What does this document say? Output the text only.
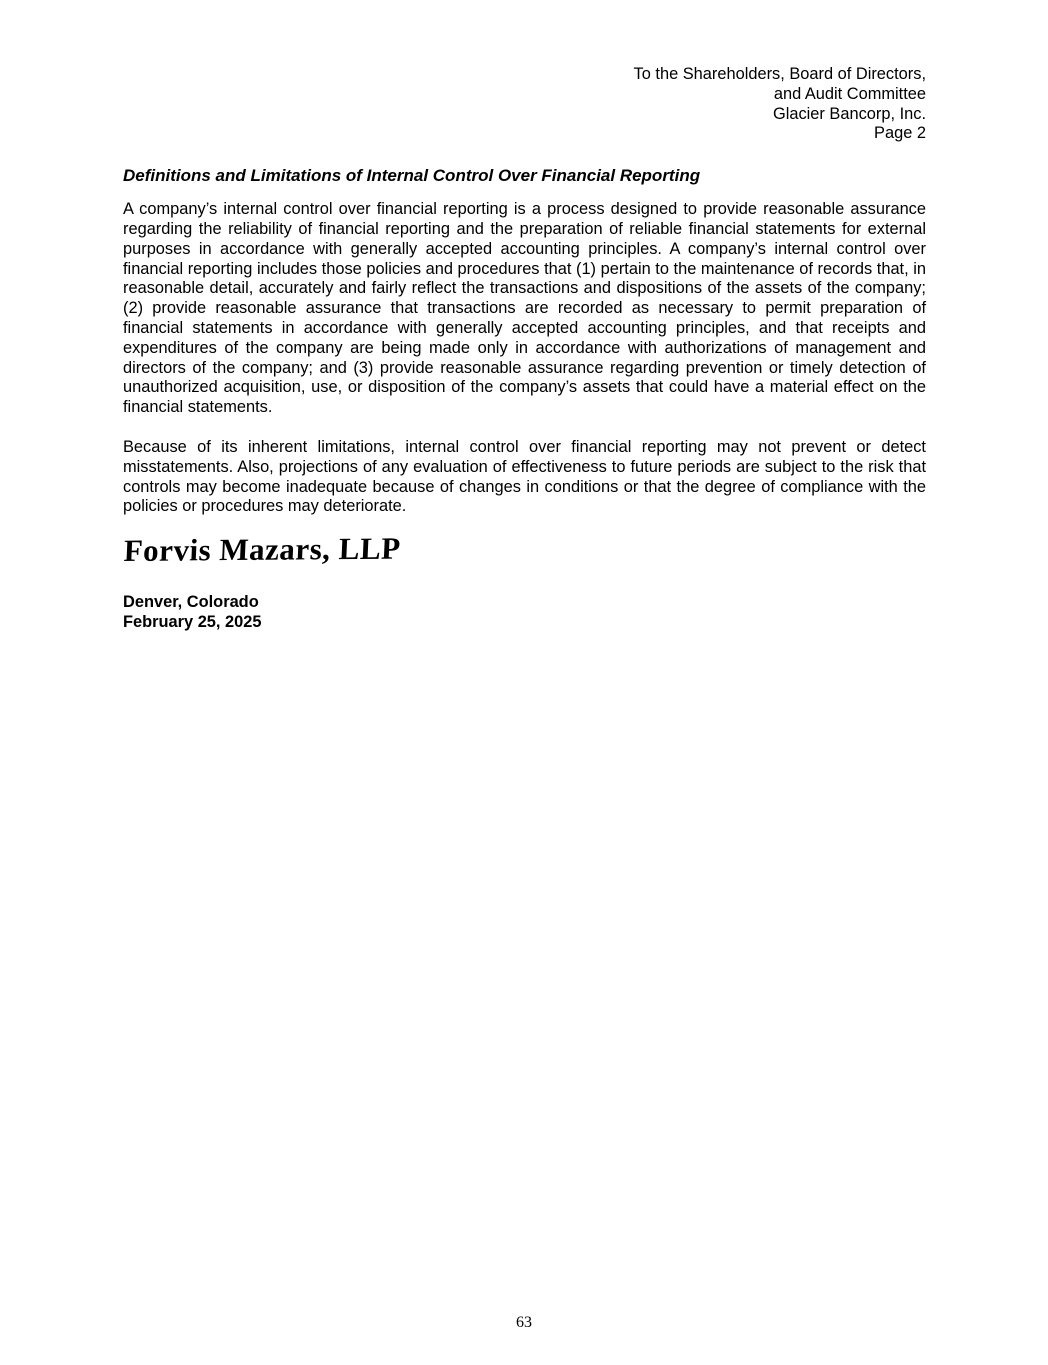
To the Shareholders, Board of Directors,
and Audit Committee
Glacier Bancorp, Inc.
Page 2
Definitions and Limitations of Internal Control Over Financial Reporting

A company’s internal control over financial reporting is a process designed to provide reasonable assurance regarding the reliability of financial reporting and the preparation of reliable financial statements for external purposes in accordance with generally accepted accounting principles. A company’s internal control over financial reporting includes those policies and procedures that (1) pertain to the maintenance of records that, in reasonable detail, accurately and fairly reflect the transactions and dispositions of the assets of the company; (2) provide reasonable assurance that transactions are recorded as necessary to permit preparation of financial statements in accordance with generally accepted accounting principles, and that receipts and expenditures of the company are being made only in accordance with authorizations of management and directors of the company; and (3) provide reasonable assurance regarding prevention or timely detection of unauthorized acquisition, use, or disposition of the company’s assets that could have a material effect on the financial statements.

Because of its inherent limitations, internal control over financial reporting may not prevent or detect misstatements. Also, projections of any evaluation of effectiveness to future periods are subject to the risk that controls may become inadequate because of changes in conditions or that the degree of compliance with the policies or procedures may deteriorate.

Forvis Mazars, LLP
Denver, Colorado
February 25, 2025
63
